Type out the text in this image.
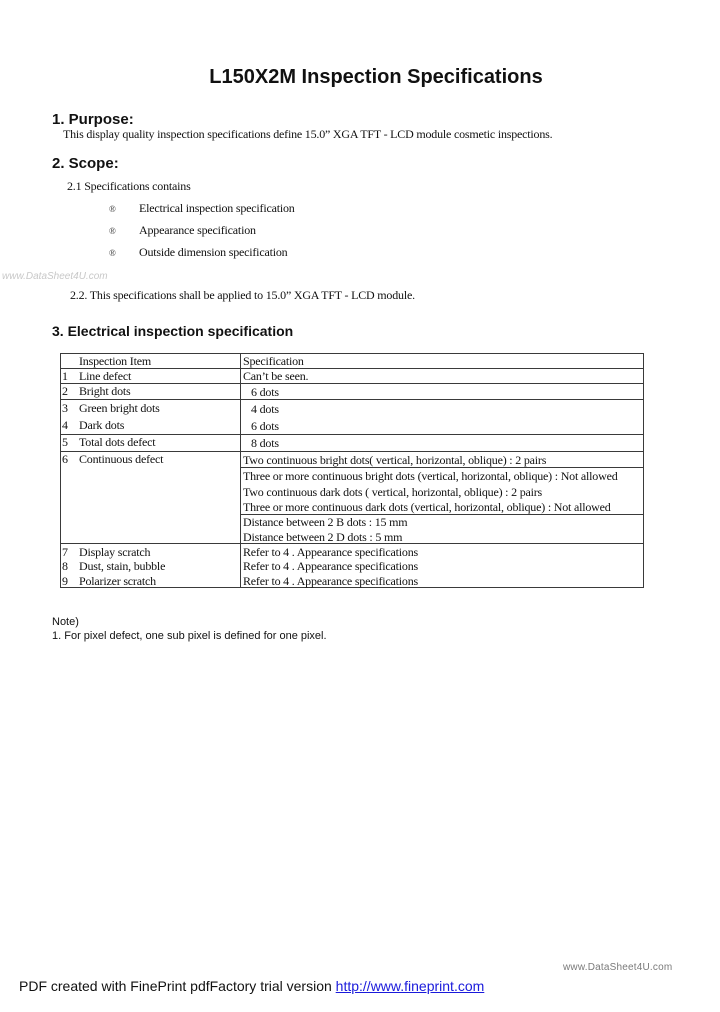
L150X2M Inspection Specifications
1. Purpose:
This display quality inspection specifications define 15.0” XGA TFT - LCD module cosmetic inspections.
2. Scope:
2.1 Specifications contains
® Electrical inspection specification
® Appearance specification
® Outside dimension specification
www.DataSheet4U.com
2.2. This specifications shall be applied to 15.0” XGA TFT - LCD module.
3. Electrical inspection specification
Inspection Item	Specification
1 Line defect
2 Bright dots
3 Green bright dots
4 Dark dots
5 Total dots defect
6 Continuous defect
7 Display scratch
8 Dust, stain, bubble
9 Polarizer scratch
Can’t be seen.
6 dots
4 dots
6 dots
8 dots
Two continuous bright dots( vertical, horizontal, oblique) : 2 pairs
Three or more continuous bright dots (vertical, horizontal, oblique) : Not allowed
Two continuous dark dots ( vertical, horizontal, oblique) : 2 pairs
Three or more continuous dark dots (vertical, horizontal, oblique) : Not allowed
Distance between 2 B dots : 15 mm
Distance between 2 D dots : 5 mm
Refer to 4 . Appearance specifications
Refer to 4 . Appearance specifications
Refer to 4 . Appearance specifications
Note)
1. For pixel defect, one sub pixel is defined for one pixel.
www.DataSheet4U.com
PDF created with FinePrint pdfFactory trial version http://www.fineprint.com
